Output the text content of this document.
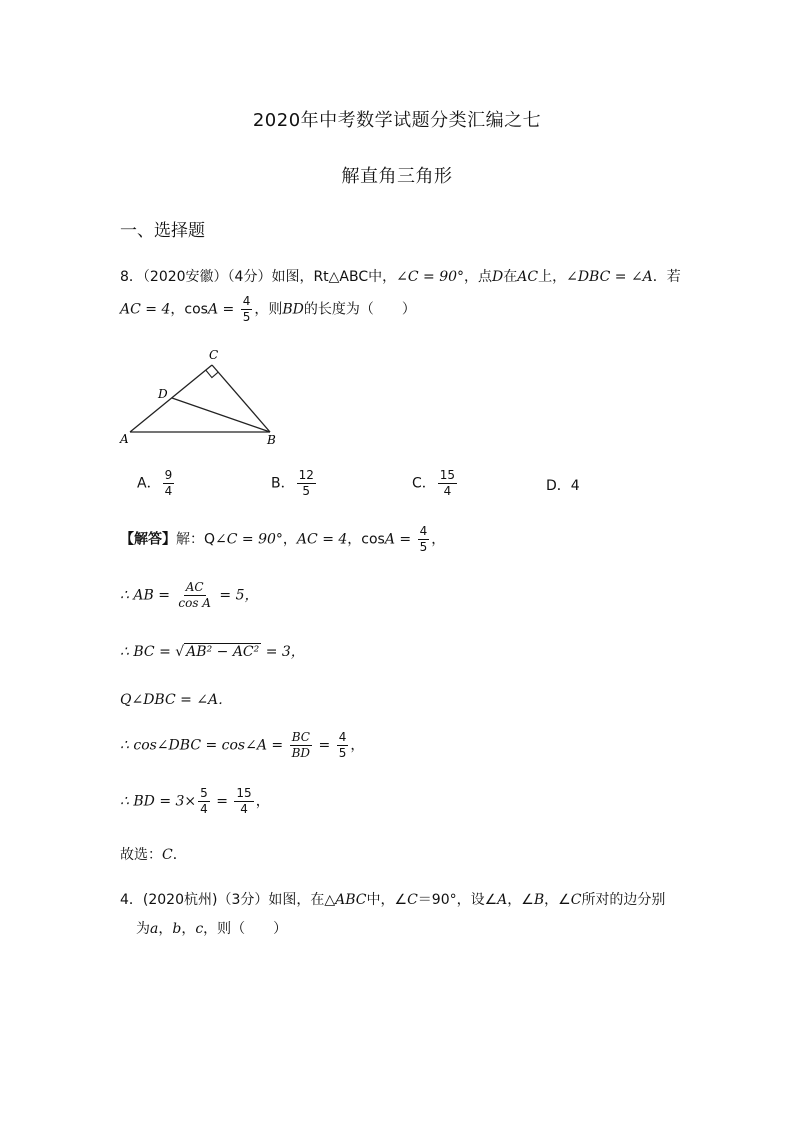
2020年中考数学试题分类汇编之七
解直角三角形
一、选择题
8．（2020安徽）（4分）如图，Rt△ABC中，∠C = 90°，点D在AC上，∠DBC = ∠A．若
AC = 4，$\cos A = \frac{4}{5}$ ，则BD的长度为（　　）
C
D
A	B
A． $\frac{9}{4}$	B． $\frac{12}{5}$	C． $\frac{15}{4}$	D．4
【解答】解：Q∠C = 90°，AC = 4，$\cos A = \frac{4}{5}$ ，
∴ AB = $\frac{AC}{\text{cos A}} = 5$，
∴ BC = √ AB² − AC² = 3，
Q∠DBC = ∠A．
∴ cos∠DBC = cos∠A = $\frac{BC}{BD} = \frac{4}{5}$ ，
∴ BD = $3\times \frac{5}{4} = \frac{15}{4}$ ，
故选：C．
4．(2020杭州)（3分）如图，在△ABC中，∠C＝90°，设∠A，∠B，∠C所对的边分别
为a，b，c，则（　　）
